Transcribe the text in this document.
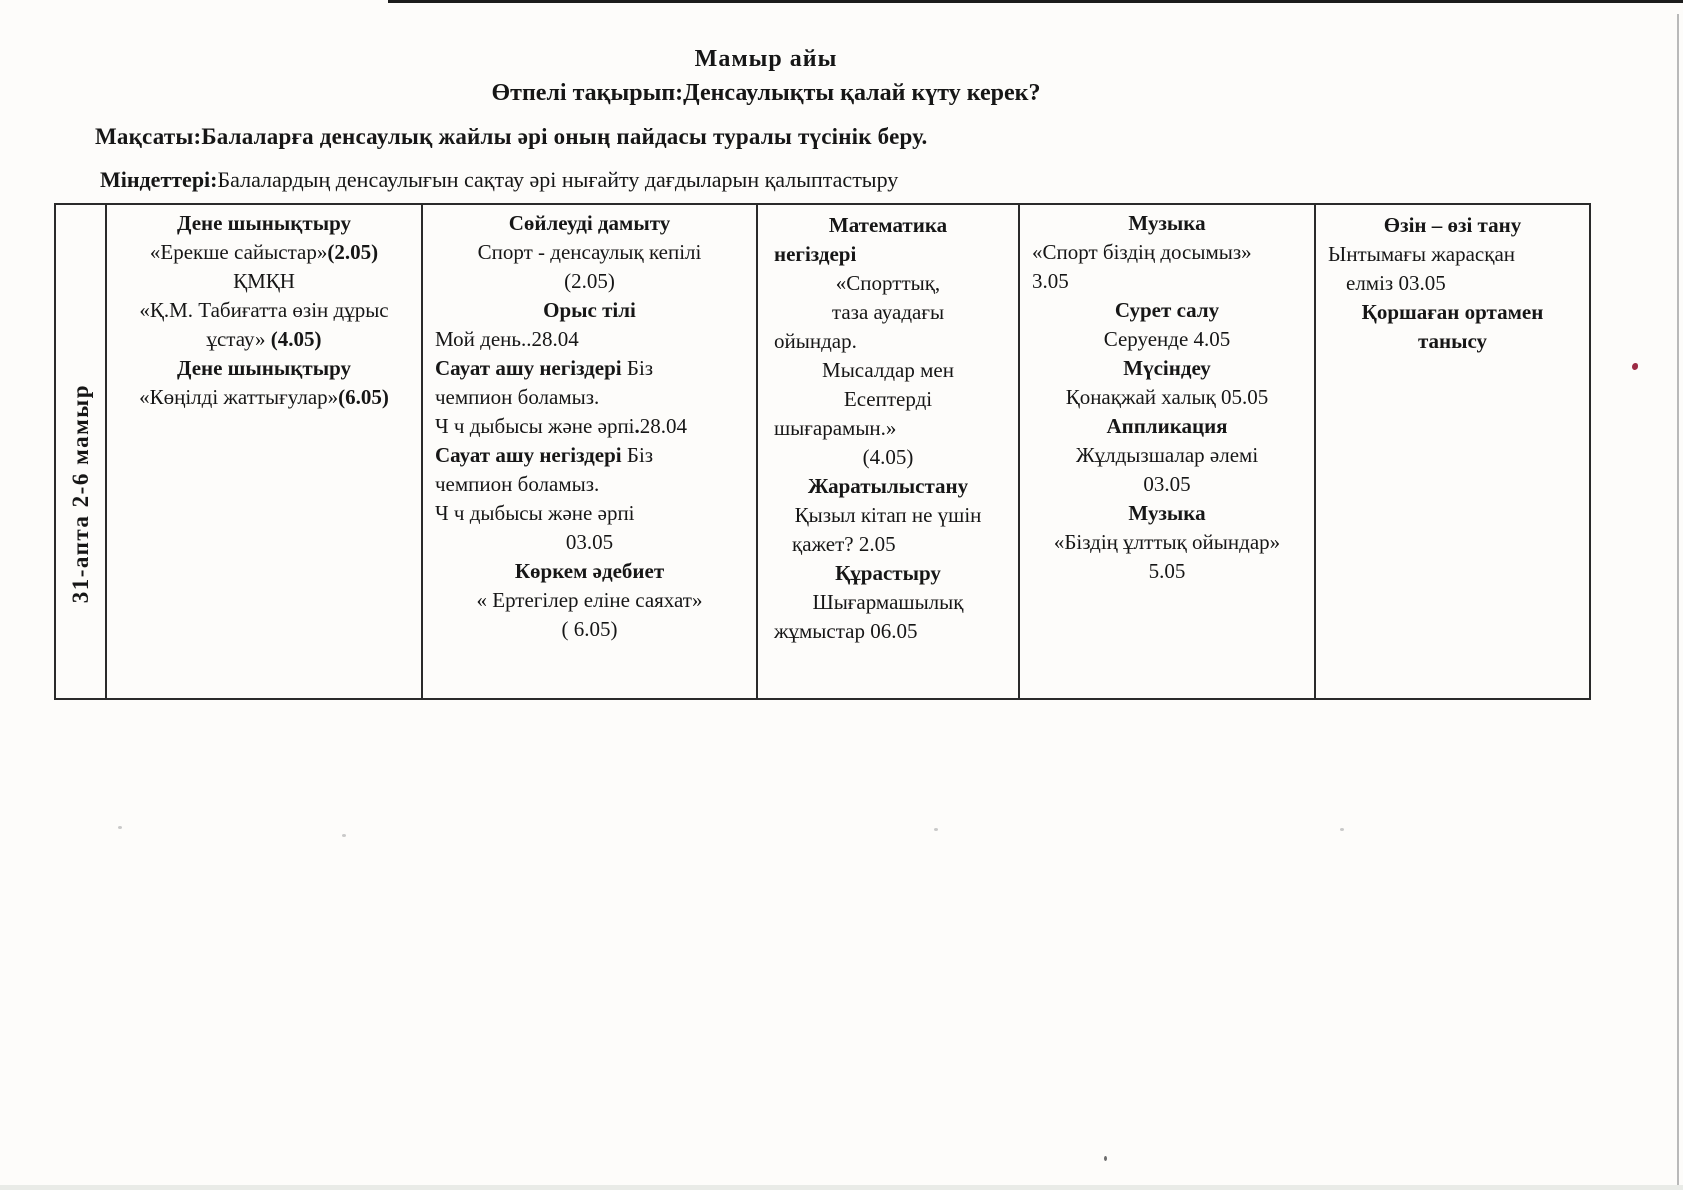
Мамыр айы
Өтпелі тақырып:Денсаулықты қалай күту керек?
Мақсаты:Балаларға денсаулық жайлы әрі оның пайдасы туралы түсінік беру.
Міндеттері:Балалардың денсаулығын сақтау әрі нығайту дағдыларын қалыптастыру
31-апта 2-6 мамыр
Дене шынықтыру
«Ерекше сайыстар»(2.05)
ҚМҚН
«Қ.М. Табиғатта өзін дұрыс
ұстау» (4.05)
Дене шынықтыру
«Көңілді жаттығулар»(6.05)
Сөйлеуді дамыту
Спорт - денсаулық кепілі
(2.05)
Орыс тілі
Мой день..28.04
Сауат ашу негіздері Біз
чемпион боламыз.
Ч ч дыбысы және әрпі.28.04
Сауат ашу негіздері Біз
чемпион боламыз.
Ч ч дыбысы және әрпі
03.05
Көркем әдебиет
« Ертегілер еліне саяхат»
( 6.05)
Математика
негіздері
«Спорттық,
таза ауадағы
ойындар.
Мысалдар мен
Есептерді
шығарамын.»
(4.05)
Жаратылыстану
Қызыл кітап не үшін
қажет? 2.05
Құрастыру
Шығармашылық
жұмыстар 06.05
Музыка
«Спорт біздің досымыз»
3.05
Сурет салу
Серуенде 4.05
Мүсіндеу
Қонақжай халық 05.05
Аппликация
Жұлдызшалар әлемі
03.05
Музыка
«Біздің ұлттық ойындар»
5.05
Өзін – өзі тану
Ынтымағы жарасқан
елміз 03.05
Қоршаған ортамен
танысу
